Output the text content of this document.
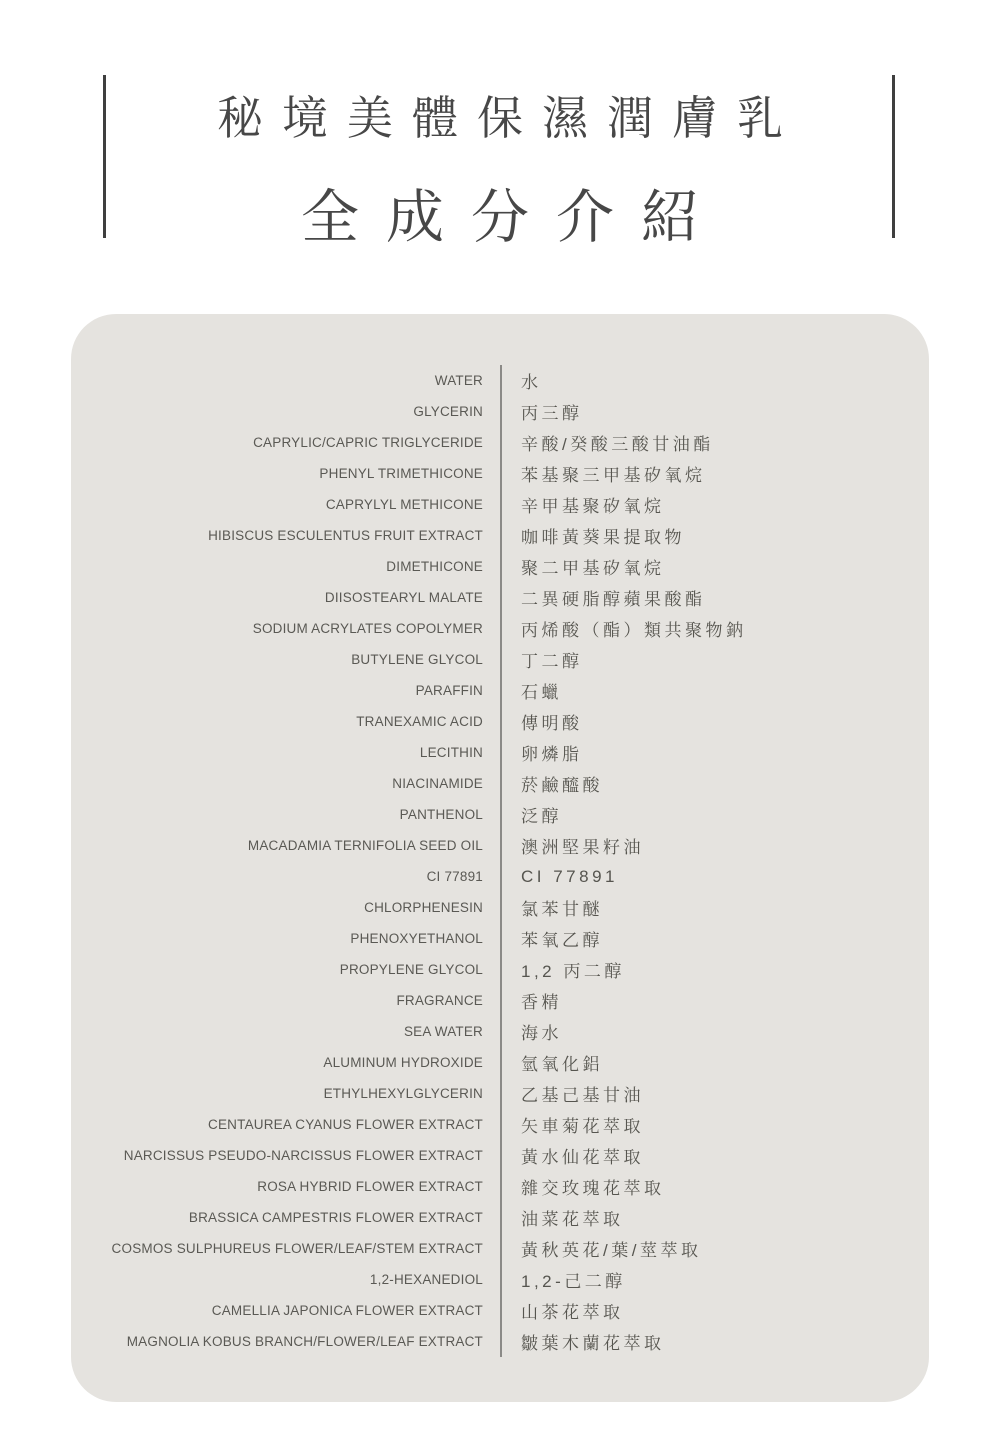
秘境美體保濕潤膚乳
全成分介紹
WATER	水
GLYCERIN	丙三醇
CAPRYLIC/CAPRIC TRIGLYCERIDE	辛酸/癸酸三酸甘油酯
PHENYL TRIMETHICONE	苯基聚三甲基矽氧烷
CAPRYLYL METHICONE	辛甲基聚矽氧烷
HIBISCUS ESCULENTUS FRUIT EXTRACT	咖啡黃葵果提取物
DIMETHICONE	聚二甲基矽氧烷
DIISOSTEARYL MALATE	二異硬脂醇蘋果酸酯
SODIUM ACRYLATES COPOLYMER	丙烯酸（酯）類共聚物鈉
BUTYLENE GLYCOL	丁二醇
PARAFFIN	石蠟
TRANEXAMIC ACID	傳明酸
LECITHIN	卵燐脂
NIACINAMIDE	菸鹼醯酸
PANTHENOL	泛醇
MACADAMIA TERNIFOLIA SEED OIL	澳洲堅果籽油
CI 77891	CI 77891
CHLORPHENESIN	氯苯甘醚
PHENOXYETHANOL	苯氧乙醇
PROPYLENE GLYCOL	1,2 丙二醇
FRAGRANCE	香精
SEA WATER	海水
ALUMINUM HYDROXIDE	氫氧化鋁
ETHYLHEXYLGLYCERIN	乙基己基甘油
CENTAUREA CYANUS FLOWER EXTRACT	矢車菊花萃取
NARCISSUS PSEUDO-NARCISSUS FLOWER EXTRACT	黃水仙花萃取
ROSA HYBRID FLOWER EXTRACT	雜交玫瑰花萃取
BRASSICA CAMPESTRIS FLOWER EXTRACT	油菜花萃取
COSMOS SULPHUREUS FLOWER/LEAF/STEM EXTRACT	黃秋英花/葉/莖萃取
1,2-HEXANEDIOL	1,2-己二醇
CAMELLIA JAPONICA FLOWER EXTRACT	山茶花萃取
MAGNOLIA KOBUS BRANCH/FLOWER/LEAF EXTRACT	皺葉木蘭花萃取
